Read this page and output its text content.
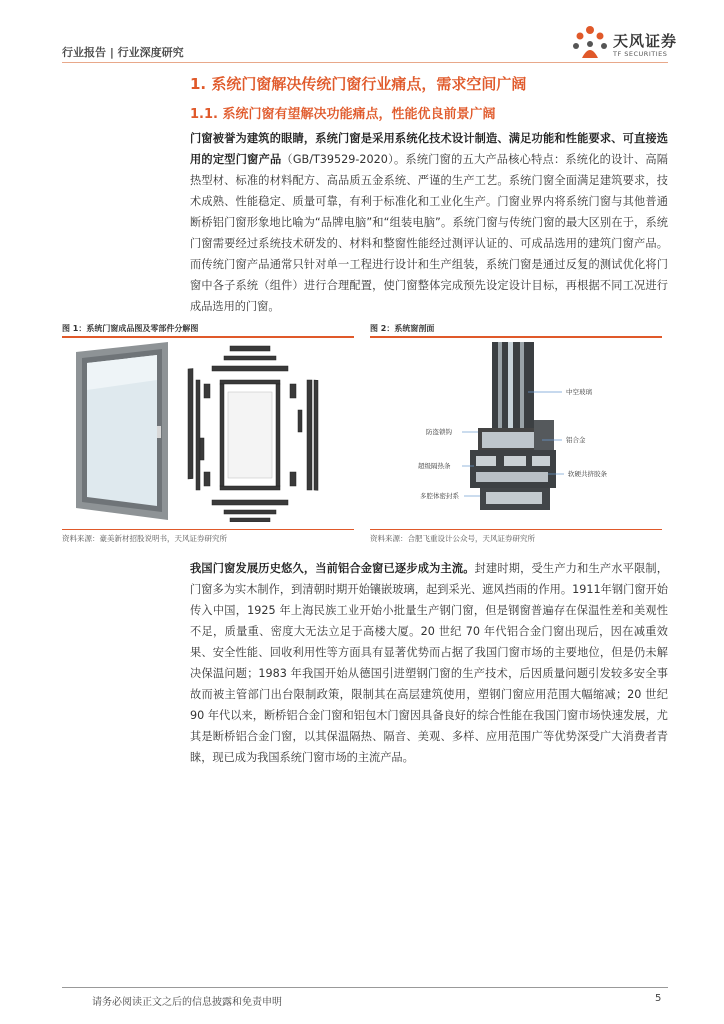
行业报告 | 行业深度研究
天风证券
TF SECURITIES
1. 系统门窗解决传统门窗行业痛点，需求空间广阔
1.1. 系统门窗有望解决功能痛点，性能优良前景广阔
门窗被誉为建筑的眼睛，系统门窗是采用系统化技术设计制造、满足功能和性能要求、可直接选用的定型门窗产品（GB/T39529-2020）。系统门窗的五大产品核心特点：系统化的设计、高隔热型材、标准的材料配方、高品质五金系统、严谨的生产工艺。系统门窗全面满足建筑要求，技术成熟、性能稳定、质量可靠，有利于标准化和工业化生产。门窗业界内将系统门窗与其他普通断桥铝门窗形象地比喻为“品牌电脑”和“组装电脑”。系统门窗与传统门窗的最大区别在于，系统门窗需要经过系统技术研发的、材料和整窗性能经过测评认证的、可成品选用的建筑门窗产品。而传统门窗产品通常只针对单一工程进行设计和生产组装，系统门窗是通过反复的测试优化将门窗中各子系统（组件）进行合理配置，使门窗整体完成预先设定设计目标，再根据不同工况进行成品选用的门窗。
图 1：系统门窗成品图及零部件分解图
资料来源：豪美新材招股说明书，天风证券研究所
图 2：系统窗剖面
中空玻璃
防盗锁钩
铝合金
超级隔热条
软硬共挤胶条
多腔体密封系
资料来源：合肥飞重设计公众号，天风证券研究所
我国门窗发展历史悠久，当前铝合金窗已逐步成为主流。封建时期，受生产力和生产水平限制，门窗多为实木制作，到清朝时期开始镶嵌玻璃，起到采光、遮风挡雨的作用。1911年钢门窗开始传入中国，1925 年上海民族工业开始小批量生产钢门窗，但是钢窗普遍存在保温性差和美观性不足，质量重、密度大无法立足于高楼大厦。20 世纪 70 年代铝合金门窗出现后，因在减重效果、安全性能、回收利用性等方面具有显著优势而占据了我国门窗市场的主要地位，但是仍未解决保温问题；1983 年我国开始从德国引进塑钢门窗的生产技术，后因质量问题引发较多安全事故而被主管部门出台限制政策，限制其在高层建筑使用，塑钢门窗应用范围大幅缩减；20 世纪 90 年代以来，断桥铝合金门窗和铝包木门窗因具备良好的综合性能在我国门窗市场快速发展，尤其是断桥铝合金门窗，以其保温隔热、隔音、美观、多样、应用范围广等优势深受广大消费者青睐，现已成为我国系统门窗市场的主流产品。
请务必阅读正文之后的信息披露和免责申明	5
